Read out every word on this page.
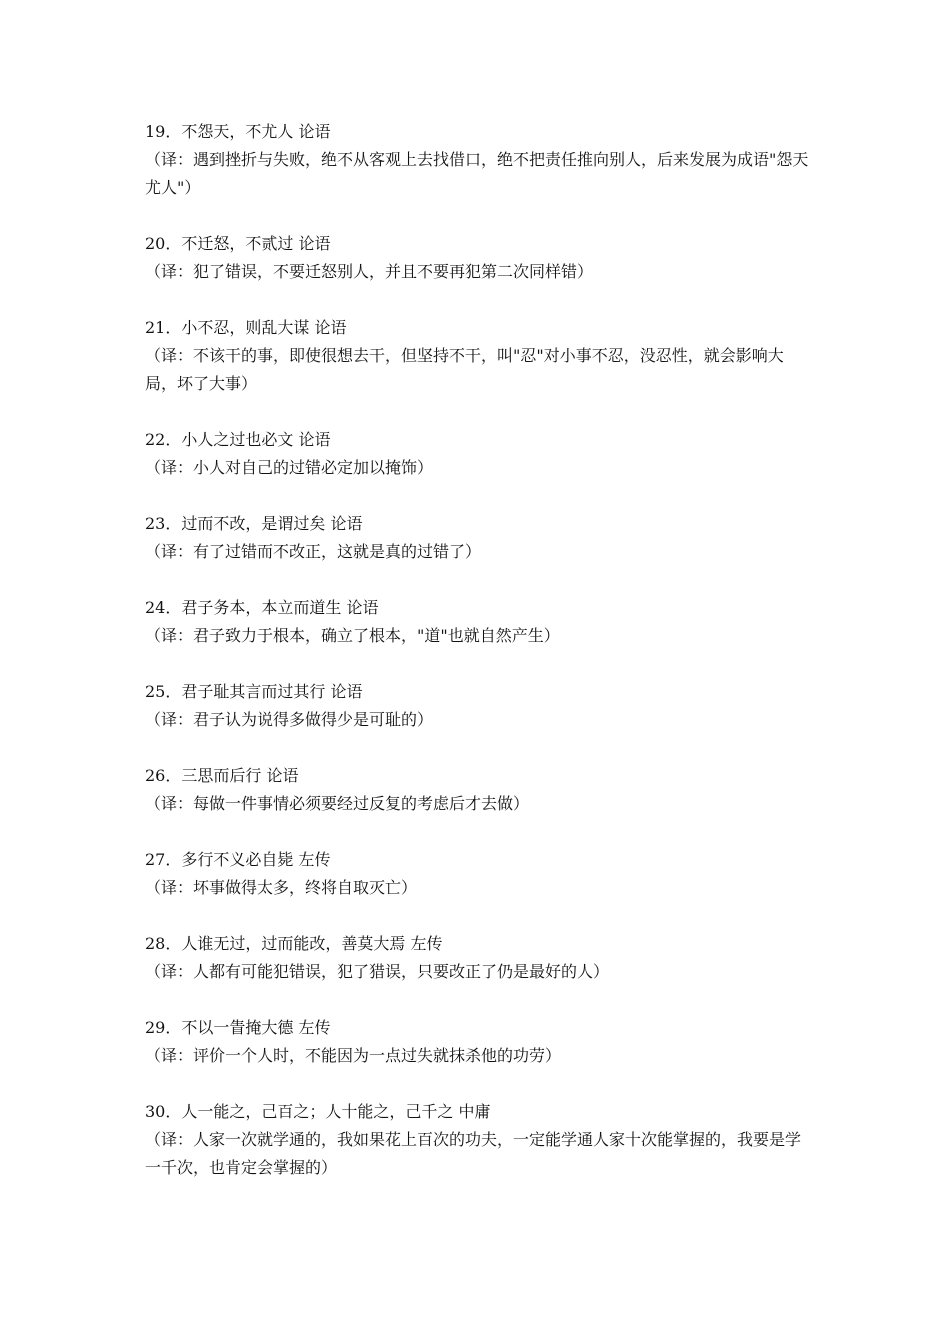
19．不怨天，不尤人 论语
（译：遇到挫折与失败，绝不从客观上去找借口，绝不把责任推向别人，后来发展为成语"怨天尤人"）
20．不迁怒，不贰过 论语
（译：犯了错误，不要迁怒别人，并且不要再犯第二次同样错）
21．小不忍，则乱大谋 论语
（译：不该干的事，即使很想去干，但坚持不干，叫"忍"对小事不忍，没忍性，就会影响大局，坏了大事）
22．小人之过也必文 论语
（译：小人对自己的过错必定加以掩饰）
23．过而不改，是谓过矣 论语
（译：有了过错而不改正，这就是真的过错了）
24．君子务本，本立而道生 论语
（译：君子致力于根本，确立了根本，"道"也就自然产生）
25．君子耻其言而过其行 论语
（译：君子认为说得多做得少是可耻的）
26．三思而后行 论语
（译：每做一件事情必须要经过反复的考虑后才去做）
27．多行不义必自毙 左传
（译：坏事做得太多，终将自取灭亡）
28．人谁无过，过而能改，善莫大焉 左传
（译：人都有可能犯错误，犯了猎误，只要改正了仍是最好的人）
29．不以一眚掩大德 左传
（译：评价一个人时，不能因为一点过失就抹杀他的功劳）
30．人一能之，己百之；人十能之，己千之 中庸
（译：人家一次就学通的，我如果花上百次的功夫，一定能学通人家十次能掌握的，我要是学一千次，也肯定会掌握的）
